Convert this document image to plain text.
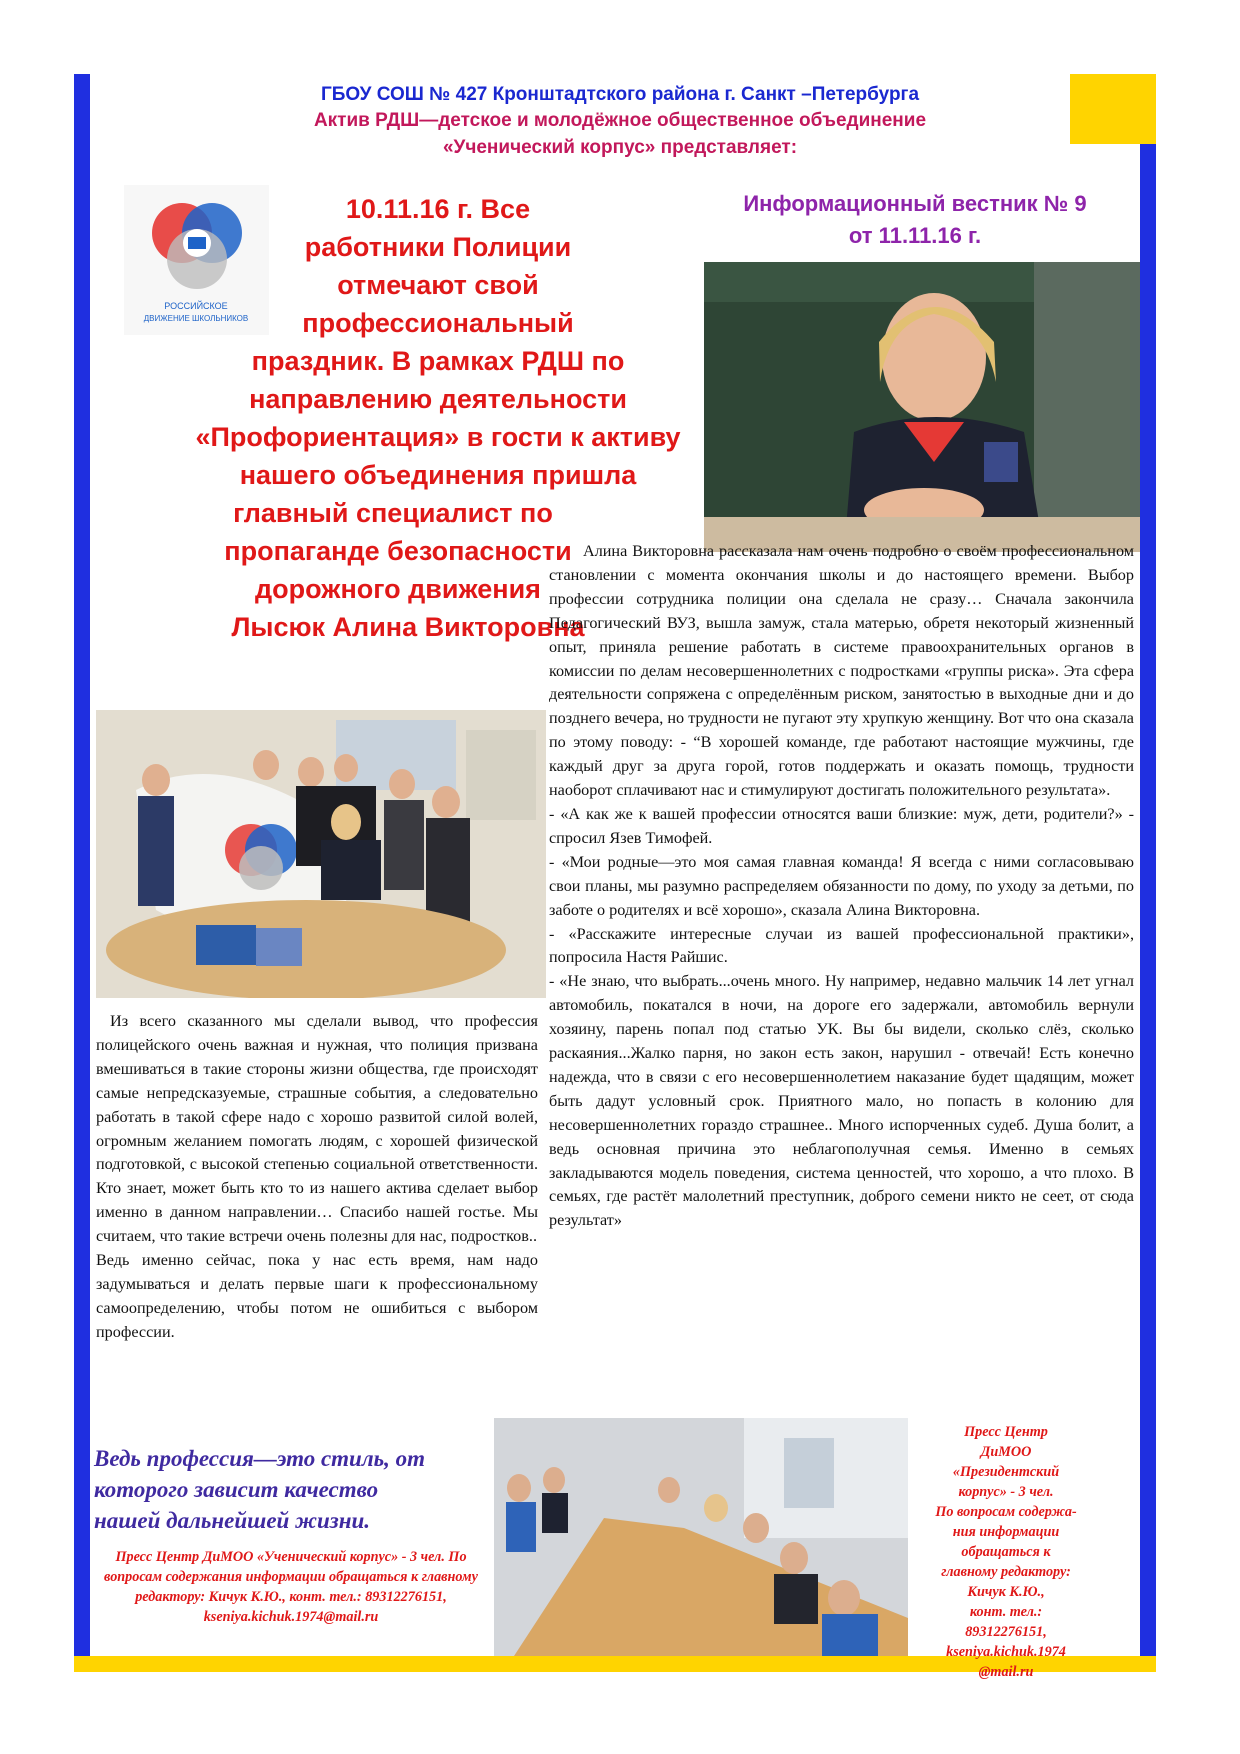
ГБОУ СОШ № 427 Кронштадтского района г. Санкт –Петербурга
Актив РДШ—детское и молодёжное общественное объединение
«Ученический корпус» представляет:
РОССИЙСКОЕ
ДВИЖЕНИЕ ШКОЛЬНИКОВ
10.11.16 г. Все
работники Полиции
отмечают свой
профессиональный
праздник. В рамках РДШ по
направлению деятельности
«Профориентация» в гости к активу
нашего объединения пришла
главный специалист по
пропаганде безопасности
дорожного движения
Лысюк Алина Викторовна
Информационный вестник № 9
от 11.11.16 г.

Алина Викторовна рассказала нам очень подробно о своём профессиональном становлении с момента окончания школы и до настоящего времени. Выбор профессии сотрудника полиции она сделала не сразу… Сначала закончила Педагогический ВУЗ, вышла замуж, стала матерью, обретя некоторый жизненный опыт, приняла решение работать в системе правоохранительных органов в комиссии по делам несовершеннолетних с подростками «группы риска». Эта сфера деятельности сопряжена с определённым риском, занятостью в выходные дни и до позднего вечера, но трудности не пугают эту хрупкую женщину. Вот что она сказала по этому поводу: - “В хорошей команде, где работают настоящие мужчины, где каждый друг за друга горой, готов поддержать и оказать помощь, трудности наоборот сплачивают нас и стимулируют достигать положительного результата».

- «А как же к вашей профессии относятся ваши близкие: муж, дети, родители?» - спросил Язев Тимофей.

- «Мои родные—это моя самая главная команда! Я всегда с ними согласовываю свои планы, мы разумно распределяем обязанности по дому, по уходу за детьми, по заботе о родителях и всё хорошо», сказала Алина Викторовна.

- «Расскажите интересные случаи из вашей профессиональной практики», попросила Настя Райшис.

- «Не знаю, что выбрать...очень много. Ну например, недавно мальчик 14 лет угнал автомобиль, покатался в ночи, на дороге его задержали, автомобиль вернули хозяину, парень попал под статью УК. Вы бы видели, сколько слёз, сколько раскаяния...Жалко парня, но закон есть закон, нарушил - отвечай! Есть конечно надежда, что в связи с его несовершеннолетием наказание будет щадящим, может быть дадут условный срок. Приятного мало, но попасть в колонию для несовершеннолетних гораздо страшнее.. Много испорченных судеб. Душа болит, а ведь основная причина это неблагополучная семья. Именно в семьях закладываются модель поведения, система ценностей, что хорошо, а что плохо. В семьях, где растёт малолетний преступник, доброго семени никто не сеет, от сюда результат»

Из всего сказанного мы сделали вывод, что профессия полицейского очень важная и нужная, что полиция призвана вмешиваться в такие стороны жизни общества, где происходят самые непредсказуемые, страшные события, а следовательно работать в такой сфере надо с хорошо развитой силой волей, огромным желанием помогать людям, с хорошей физической подготовкой, с высокой степенью социальной ответственности. Кто знает, может быть кто то из нашего актива сделает выбор именно в данном направлении… Спасибо нашей гостье. Мы считаем, что такие встречи очень полезны для нас, подростков..

Ведь именно сейчас, пока у нас есть время, нам надо задумываться и делать первые шаги к профессиональному самоопределению, чтобы потом не ошибиться с выбором профессии.

Ведь профессия—это стиль, от
которого зависит качество
нашей дальнейшей жизни.
Пресс Центр ДиМОО «Ученический корпус» - 3 чел. По вопросам содержания информации обращаться к главному редактору: Кичук К.Ю., конт. тел.: 89312276151, kseniya.kichuk.1974@mail.ru
Пресс Центр
ДиМОО
«Президентский
корпус» - 3 чел.
По вопросам содержа-
ния информации
обращаться к
главному редактору:
Кичук К.Ю.,
конт. тел.:
89312276151,
kseniya.kichuk.1974
@mail.ru
